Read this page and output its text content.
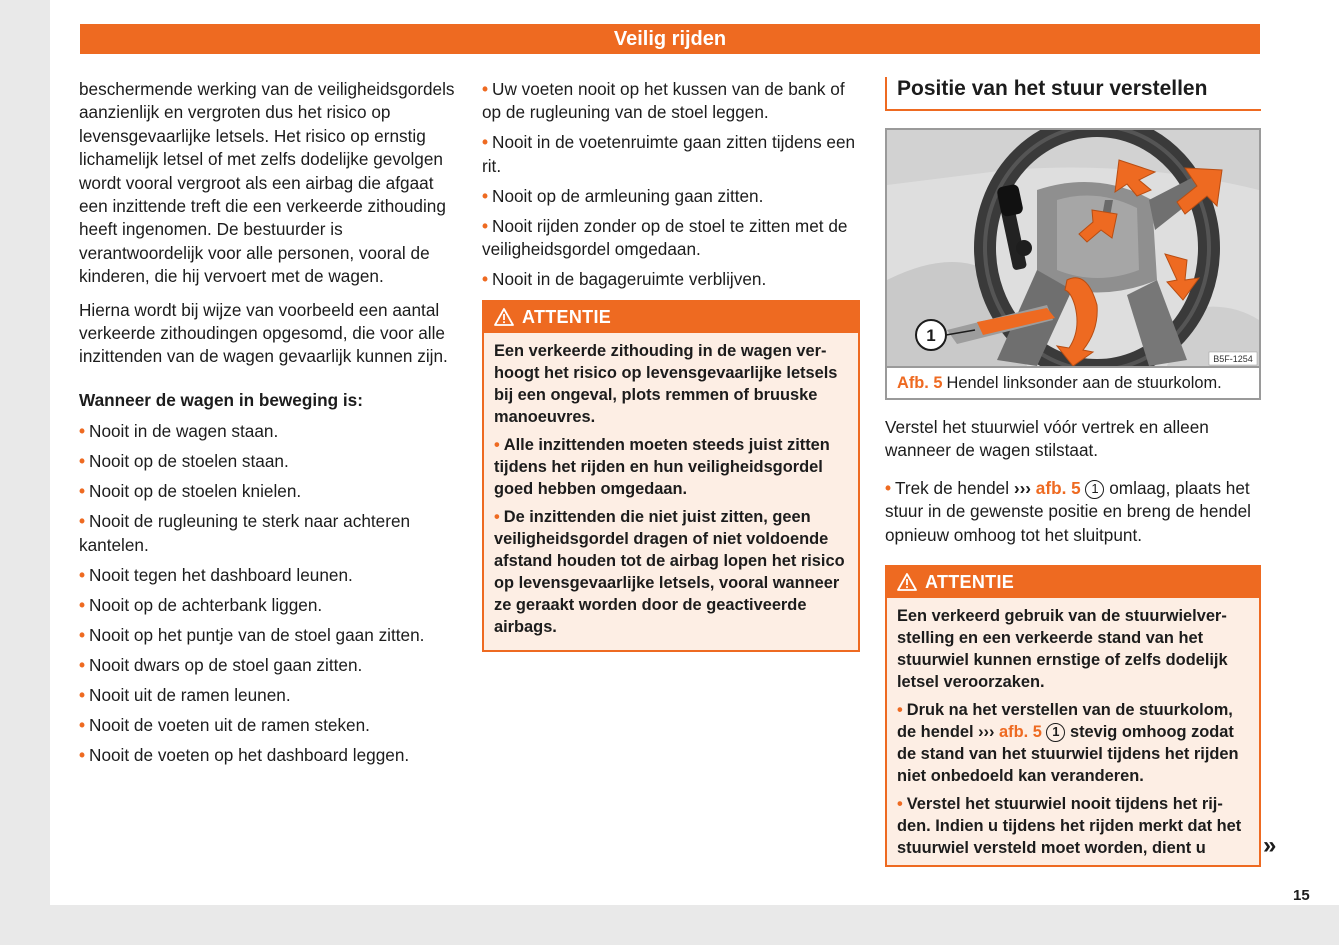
Veilig rijden

beschermende werking van de veiligheidsgordels aanzienlijk en vergroten dus het risico op levensgevaarlijke letsels. Het risico op ernstig lichamelijk letsel of met zelfs dodelijke gevolgen wordt vooral vergroot als een airbag die afgaat een inzittende treft die een verkeerde zithouding heeft ingenomen. De bestuurder is verantwoordelijk voor alle personen, vooral de kinderen, die hij vervoert met de wagen.

Hierna wordt bij wijze van voorbeeld een aantal verkeerde zithoudingen opgesomd, die voor alle inzittenden van de wagen gevaarlijk kunnen zijn.

Wanneer de wagen in beweging is:
• Nooit in de wagen staan.
• Nooit op de stoelen staan.
• Nooit op de stoelen knielen.
• Nooit de rugleuning te sterk naar achteren kantelen.
• Nooit tegen het dashboard leunen.
• Nooit op de achterbank liggen.
• Nooit op het puntje van de stoel gaan zitten.
• Nooit dwars op de stoel gaan zitten.
• Nooit uit de ramen leunen.
• Nooit de voeten uit de ramen steken.
• Nooit de voeten op het dashboard leggen.
• Uw voeten nooit op het kussen van de bank of op de rugleuning van de stoel leggen.
• Nooit in de voetenruimte gaan zitten tijdens een rit.
• Nooit op de armleuning gaan zitten.
• Nooit rijden zonder op de stoel te zitten met de veiligheidsgordel omgedaan.
• Nooit in de bagageruimte verblijven.
ATTENTIE
Een verkeerde zithouding in de wagen verhoogt het risico op levensgevaarlijke letsels bij een ongeval, plots remmen of bruuske manoeuvres.
• Alle inzittenden moeten steeds juist zitten tijdens het rijden en hun veiligheidsgordel goed hebben omgedaan.
• De inzittenden die niet juist zitten, geen veiligheidsgordel dragen of niet voldoende afstand houden tot de airbag lopen het risico op levensgevaarlijke letsels, vooral wanneer ze geraakt worden door de geactiveerde airbags.
Positie van het stuur verstellen
B5F-1254
1
Afb. 5 Hendel linksonder aan de stuurkolom.

Verstel het stuurwiel vóór vertrek en alleen wanneer de wagen stilstaat.

• Trek de hendel ››› afb. 5 1 omlaag, plaats het stuur in de gewenste positie en breng de hendel opnieuw omhoog tot het sluitpunt.
ATTENTIE
Een verkeerd gebruik van de stuurwielverstelling en een verkeerde stand van het stuurwiel kunnen ernstige of zelfs dodelijk letsel veroorzaken.
• Druk na het verstellen van de stuurkolom, de hendel ››› afb. 5 1 stevig omhoog zodat de stand van het stuurwiel tijdens het rijden niet onbedoeld kan veranderen.
• Verstel het stuurwiel nooit tijdens het rijden. Indien u tijdens het rijden merkt dat het stuurwiel versteld moet worden, dient u	»
15
